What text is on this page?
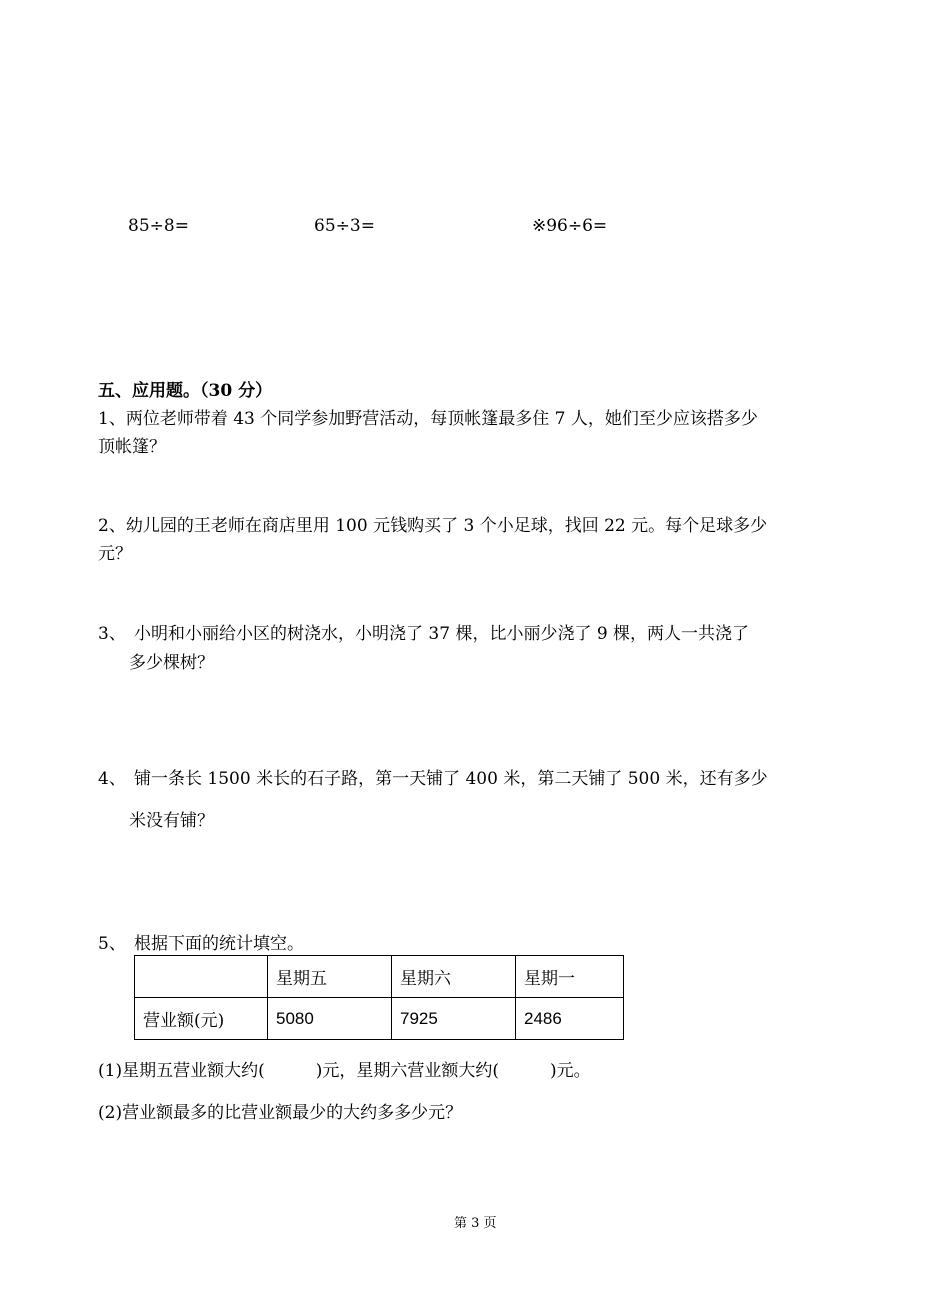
85÷8=	65÷3=	※96÷6=
五、应用题。（30 分）
1、两位老师带着 43 个同学参加野营活动，每顶帐篷最多住 7 人，她们至少应该搭多少
顶帐篷？
2、幼儿园的王老师在商店里用 100 元钱购买了 3 个小足球，找回 22 元。每个足球多少
元？
3、 小明和小丽给小区的树浇水，小明浇了 37 棵，比小丽少浇了 9 棵，两人一共浇了
多少棵树？
4、 铺一条长 1500 米长的石子路，第一天铺了 400 米，第二天铺了 500 米，还有多少
米没有铺？
5、 根据下面的统计填空。
	星期五	星期六	星期一
营业额(元)	5080	7925	2486
(1)星期五营业额大约(　　　)元，星期六营业额大约(　　　)元。
(2)营业额最多的比营业额最少的大约多多少元？
第 3 页
